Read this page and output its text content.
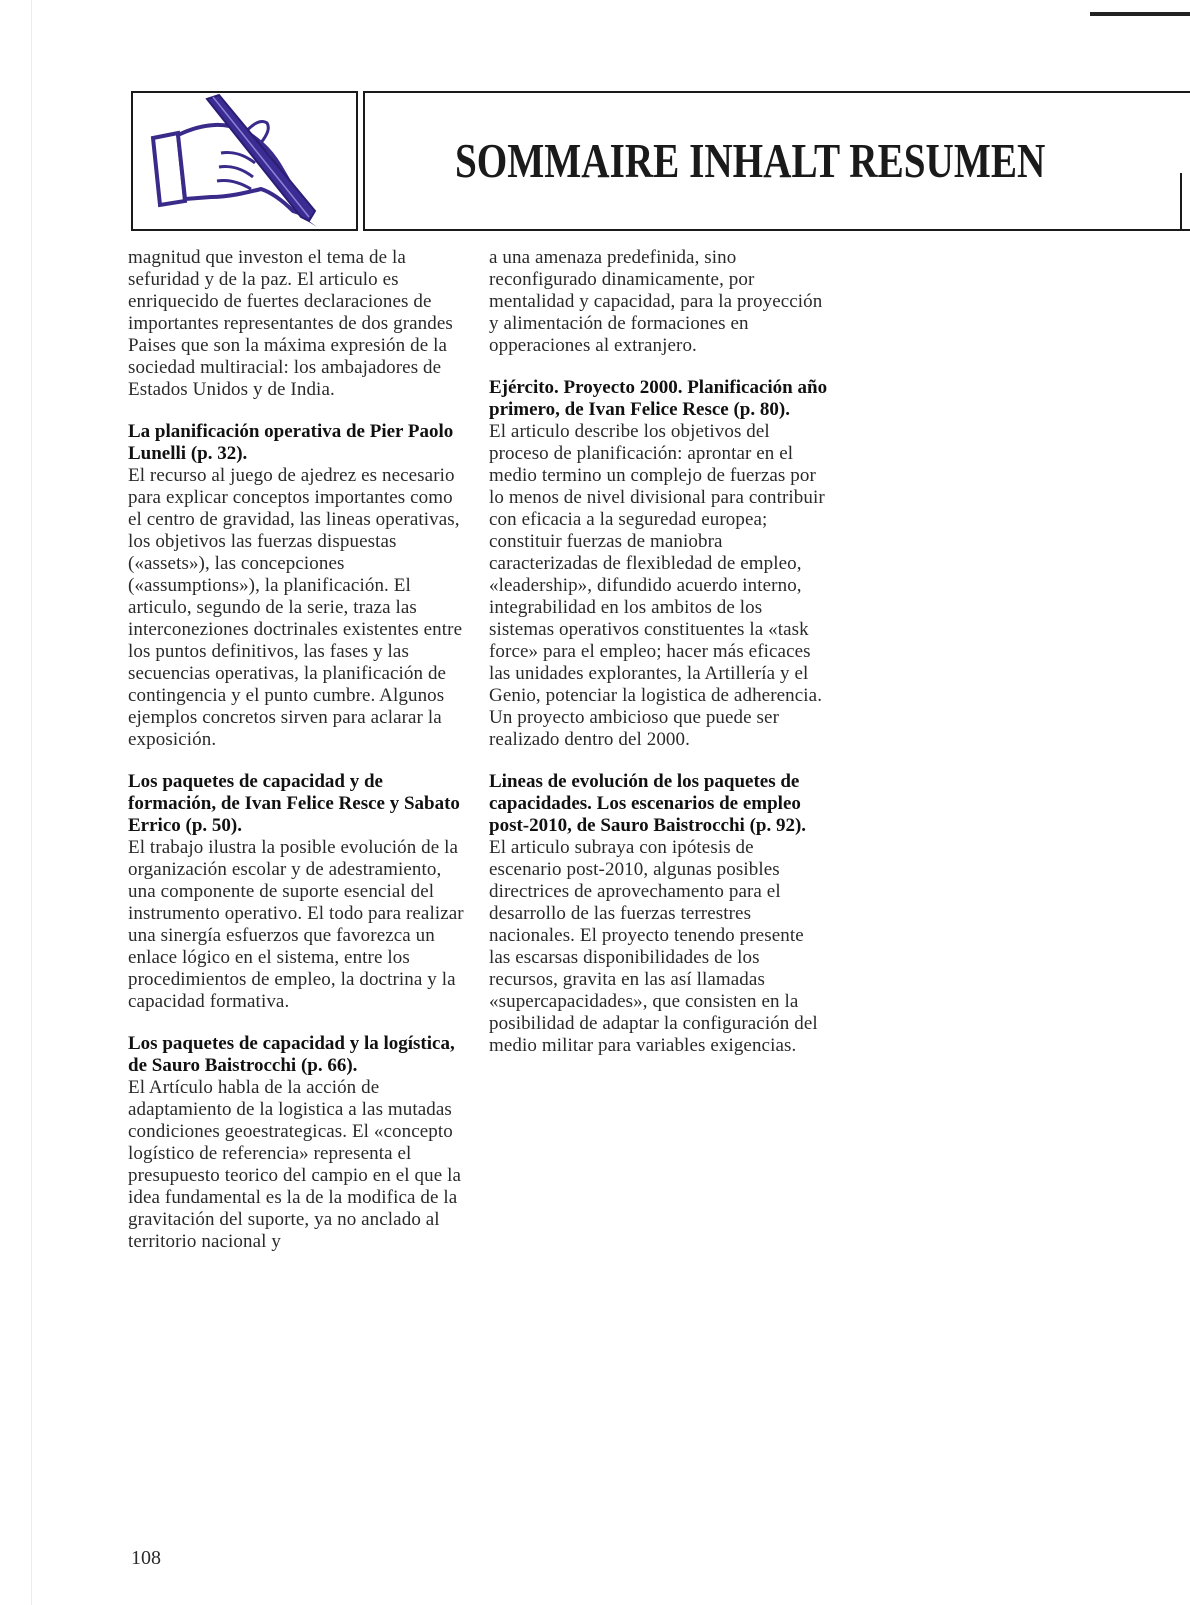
SOMMAIRE INHALT RESUMEN

magnitud que investon el tema de la sefuridad y de la paz. El articulo es enriquecido de fuertes declaraciones de importantes representantes de dos grandes Paises que son la máxima expresión de la sociedad multiracial: los ambajadores de Estados Unidos y de India.

La planificación operativa de Pier Paolo Lunelli (p. 32).
El recurso al juego de ajedrez es necesario para explicar conceptos importantes como el centro de gravidad, las lineas operativas, los objetivos las fuerzas dispuestas («assets»), las concepciones («assumptions»), la planificación. El articulo, segundo de la serie, traza las interconeziones doctrinales existentes entre los puntos definitivos, las fases y las secuencias operativas, la planificación de contingencia y el punto cumbre. Algunos ejemplos concretos sirven para aclarar la exposición.

Los paquetes de capacidad y de formación, de Ivan Felice Resce y Sabato Errico (p. 50).
El trabajo ilustra la posible evolución de la organización escolar y de adestramiento, una componente de suporte esencial del instrumento operativo. El todo para realizar una sinergía esfuerzos que favorezca un enlace lógico en el sistema, entre los procedimientos de empleo, la doctrina y la capacidad formativa.

Los paquetes de capacidad y la logística, de Sauro Baistrocchi (p. 66).
El Artículo habla de la acción de adaptamiento de la logistica a las mutadas condiciones geoestrategicas. El «concepto logístico de referencia» representa el presupuesto teorico del campio en el que la idea fundamental es la de la modifica de la gravitación del suporte, ya no anclado al territorio nacional y

a una amenaza predefinida, sino reconfigurado dinamicamente, por mentalidad y capacidad, para la proyección y alimentación de formaciones en opperaciones al extranjero.

Ejército. Proyecto 2000. Planificación año primero, de Ivan Felice Resce (p. 80).
El articulo describe los objetivos del proceso de planificación: aprontar en el medio termino un complejo de fuerzas por lo menos de nivel divisional para contribuir con eficacia a la seguredad europea; constituir fuerzas de maniobra caracterizadas de flexibledad de empleo, «leadership», difundido acuerdo interno, integrabilidad en los ambitos de los sistemas operativos constituentes la «task force» para el empleo; hacer más eficaces las unidades explorantes, la Artillería y el Genio, potenciar la logistica de adherencia. Un proyecto ambicioso que puede ser realizado dentro del 2000.

Lineas de evolución de los paquetes de capacidades. Los escenarios de empleo post-2010, de Sauro Baistrocchi (p. 92).
El articulo subraya con ipótesis de escenario post-2010, algunas posibles directrices de aprovechamento para el desarrollo de las fuerzas terrestres nacionales. El proyecto tenendo presente las escarsas disponibilidades de los recursos, gravita en las así llamadas «supercapacidades», que consisten en la posibilidad de adaptar la configuración del medio militar para variables exigencias.

108
